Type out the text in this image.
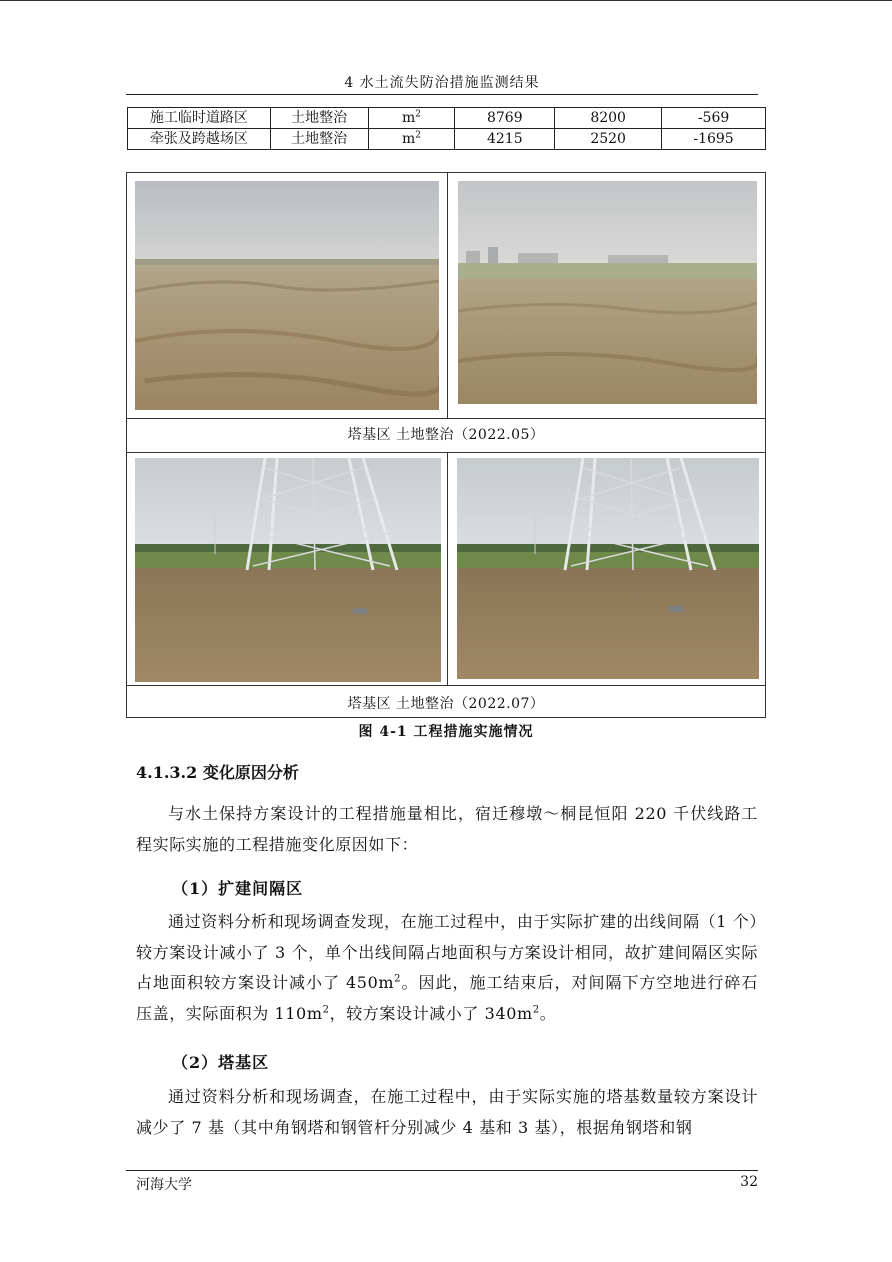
4 水土流失防治措施监测结果
施工临时道路区	土地整治	$m^2$	8769	8200	-569
牵张及跨越场区	土地整治	$m^2$	4215	2520	-1695
塔基区 土地整治（2022.05）
塔基区 土地整治（2022.07）
图 4-1 工程措施实施情况
4.1.3.2 变化原因分析
与水土保持方案设计的工程措施量相比，宿迁穆墩～桐昆恒阳 220 千伏线路工程实际实施的工程措施变化原因如下：
（1）扩建间隔区
通过资料分析和现场调查发现，在施工过程中，由于实际扩建的出线间隔（1 个）较方案设计减小了 3 个，单个出线间隔占地面积与方案设计相同，故扩建间隔区实际占地面积较方案设计减小了 $450m^2$。因此，施工结束后，对间隔下方空地进行碎石压盖，实际面积为 $110m^2$，较方案设计减小了 $340m^2$。
（2）塔基区
通过资料分析和现场调查，在施工过程中，由于实际实施的塔基数量较方案设计减少了 7 基（其中角钢塔和钢管杆分别减少 4 基和 3 基），根据角钢塔和钢
河海大学	32
